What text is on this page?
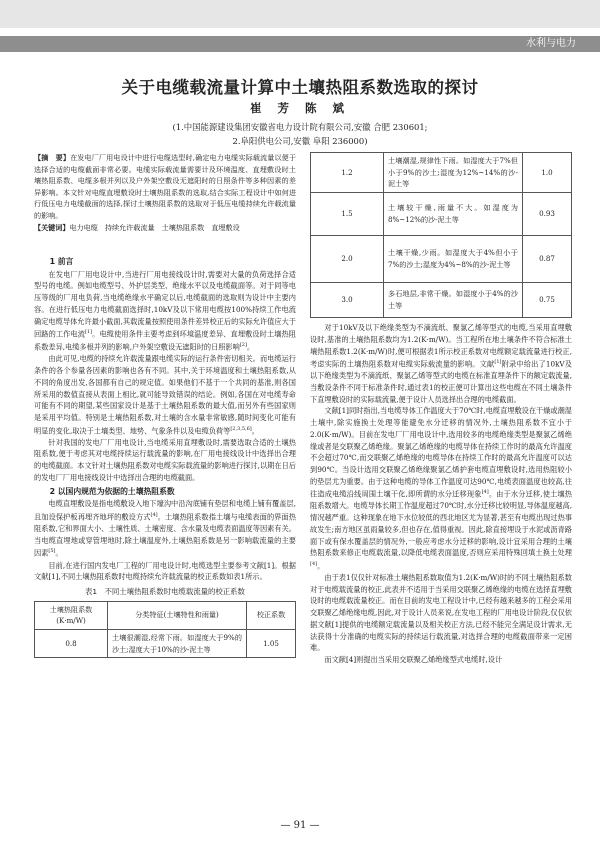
水利与电力
关于电缆载流量计算中土壤热阻系数选取的探讨
崔 芳 陈 斌
(1.中国能源建设集团安徽省电力设计院有限公司,安徽 合肥 230601;
2.阜阳供电公司,安徽 阜阳 236000)
【摘　要】在发电厂厂用电设计中进行电缆选型时,确定电力电缆实际载流量以便于选择合适的电缆截面非常必要。电缆实际载流量需要计及环境温度、直埋敷设时土壤热阻系数、电缆多根并列以及户外架空敷设无遮阳时的日照条件等多种因素的差异影响。本文针对电缆直埋敷设时土壤热阻系数的选取,结合实际工程设计中如何进行低压电力电缆截面的选择,探讨土壤热阻系数的选取对于低压电缆持续允许载流量的影响。
【关键词】电力电缆　持续允许载流量　土壤热阻系数　直埋敷设
1 前言

在发电厂厂用电设计中,当进行厂用电接线设计时,需要对大量的负荷选择合适型号的电缆。例如电缆型号、外护层类型、绝缘水平以及电缆截面等。对于同等电压等级的厂用电负荷,当电缆绝缘水平确定以后,电缆截面的选取则为设计中主要内容。在进行低压电力电缆截面选择时,10kV及以下常用电缆按100%持续工作电流确定电缆导体允许最小截面,其载流量按照使用条件差异校正后的实际允许值应大于回路的工作电流[1]。电缆使用条件主要考虑到环境温度差异、直埋敷设时土壤热阻系数差异,电缆多根并列的影响,户外架空敷设无遮阳时的日照影响[2]。

由此可见,电缆的持续允许载流量跟电缆实际的运行条件密切相关。而电缆运行条件的各个参量各因素的影响也各有不同。其中,关于环境温度和土壤热阻系数,从不同的角度出发,各国都有自己的规定值。如果他们不基于一个共同的基准,则各国所采用的数值直接从表面上相比,就可能导致错误的结论。例如,各国在对电缆寿命可能有不同的期望,某些国家设计是基于土壤热阻系数的最大值,而另外有些国家则是采用平均值。特别是土壤热阻系数,对土壤的含水量非常敏感,随时间变化可能有明显的变化,取决于土壤类型、地势、气象条件以及电缆负荷等[2,3,5,6]。

针对我国的发电厂厂用电设计,当电缆采用直埋敷设时,需要选取合适的土壤热阻系数,便于考虑其对电缆持续运行载流量的影响,在厂用电接线设计中选择出合理的电缆截面。本文针对土壤热阻系数对电缆实际载流量的影响进行探讨,以期在日后的发电厂厂用电接线设计中选择出合理的电缆截面。

2 以国内规范为依据的土壤热阻系数

电缆直埋敷设是指电缆敷设入地下壕沟中沿沟底铺有垫层和电缆上铺有覆盖层,且加设保护板再埋齐地坪的敷设方式[4]。土壤热阻系数指土壤与电缆表面的界面热阻系数,它和界面大小、土壤性质、土壤密度、含水量及电缆表面温度等因素有关。当电缆直埋地或穿管埋地时,除土壤温度外,土壤热阻系数是另一影响载流量的主要因素[5]。

目前,在进行国内发电厂工程的厂用电设计时,电缆选型主要参考文献[1]。根据文献[1],不同土壤热阻系数时电缆持续允许载流量的校正系数如表1所示。

表1　不同土壤热阻系数时电缆载流量的校正系数
土壤热阻系数(K·m/W)	分类特征(土壤特性和雨量)	校正系数
0.8	土壤很潮湿,经常下雨。如湿度大于9%的沙土;湿度大于10%的沙-泥土等	1.05
1.2	土壤潮湿,规律性下雨。如湿度大于7%但小于9%的沙土;湿度为12%~14%的沙-泥土等	1.0
1.5	土壤较干燥,雨量不大。如湿度为8%~12%的沙-泥土等	0.93
2.0	土壤干燥,少雨。如湿度大于4%但小于7%的沙土;湿度为4%~8%的沙-泥土等	0.87
3.0	多石地层,非常干燥。如湿度小于4%的沙土等	0.75

对于10kV及以下绝缘类型为不滴流纸、聚氯乙烯等型式的电缆,当采用直埋敷设时,基准的土壤热阻系数均为1.2(K·m/W)。当工程所在地土壤条件不符合标准土壤热阻系数1.2(K·m/W)时,便可根据表1所示校正系数对电缆额定载流量进行校正,考虑实际的土壤热阻系数对电缆实际载流量的影响。文献[1]附录中给出了10kV及以下绝缘类型为不滴流纸、聚氯乙烯等型式的电缆在标准直埋条件下的额定载流量,当敷设条件不同于标准条件时,通过表1的校正便可计算出这些电缆在不同土壤条件下直埋敷设时的实际载流量,便于设计人员选择出合理的电缆截面。

文献[1]同时指出,当电缆导体工作温度大于70℃时,电缆直埋敷设在干燥或潮湿土壤中,除实施换土处理等能避免水分迁移的情况外,土壤热阻系数不宜小于2.0(K·m/W)。目前在发电厂厂用电设计中,选用较多的电缆绝缘类型是聚氯乙烯绝缘或者是交联聚乙烯绝缘。聚氯乙烯绝缘的电缆导体在持续工作时的最高允许温度不会超过70℃,而交联聚乙烯绝缘的电缆导体在持续工作时的最高允许温度可以达到90℃。当设计选用交联聚乙烯绝缘聚氯乙烯护套电缆直埋敷设时,选用热阻较小的垫层尤为重要。由于这种电缆的导体工作温度可达90℃,电缆表面温度也较高,往往造成电缆沿线周围土壤干化,即所谓的水分迁移现象[4]。由于水分迁移,使土壤热阻系数增大。电缆导体长期工作温度超过70℃时,水分迁移比较明显,导体温度越高,情况越严重。这种现象在地下水位较低的西北地区尤为显著,甚至有电缆出现过热事故发生;南方地区虽雨量较多,但也存在,值得重视。因此,除直接埋设于水泥或沥青路面下或有保水覆盖层的情况外,一般应考虑水分迁移的影响,设计宜采用合理的土壤热阻系数来修正电缆载流量,以降低电缆表面温度,否则应采用特殊回填土换土处理[4]。

由于表1仅仅针对标准土壤热阻系数取值为1.2(K·m/W)时的不同土壤热阻系数对于电缆载流量的校正,此表并不适用于当采用交联聚乙烯绝缘的电缆在选择直埋敷设时的电缆载流量校正。而在目前的发电工程设计中,已经有越来越多的工程会采用交联聚乙烯绝缘电缆,因此,对于设计人员来说,在发电工程的厂用电设计阶段,仅仅依据文献[1]提供的电缆额定载流量以及相关校正方法,已经不能完全满足设计需求,无法获得十分准确的电缆实际的持续运行载流量,对选择合理的电缆截面带来一定困难。

而文献[4]则提出当采用交联聚乙烯绝缘型式电缆时,设计

— 91 —
